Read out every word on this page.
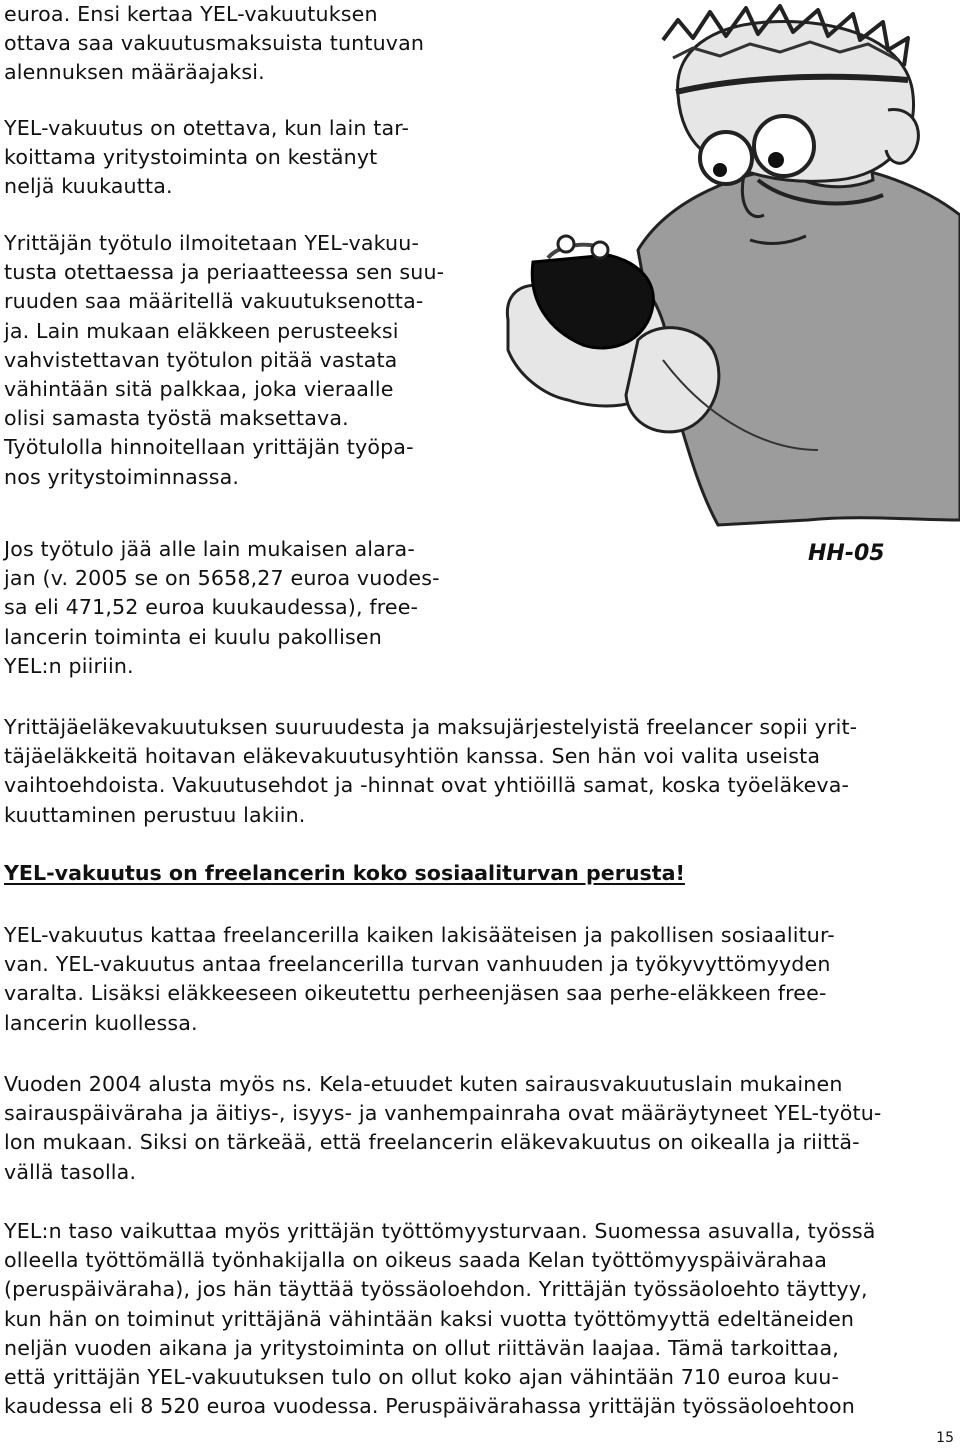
euroa. Ensi kertaa YEL-vakuutuksen
ottava saa vakuutusmaksuista tuntuvan
alennuksen määräajaksi.
YEL-vakuutus on otettava, kun lain tar-
koittama yritystoiminta on kestänyt
neljä kuukautta.
Yrittäjän työtulo ilmoitetaan YEL-vakuu-
tusta otettaessa ja periaatteessa sen suu-
ruuden saa määritellä vakuutuksenotta-
ja. Lain mukaan eläkkeen perusteeksi
vahvistettavan työtulon pitää vastata
vähintään sitä palkkaa, joka vieraalle
olisi samasta työstä maksettava.
Työtulolla hinnoitellaan yrittäjän työpa-
nos yritystoiminnassa.
Jos työtulo jää alle lain mukaisen alara-
jan (v. 2005 se on 5658,27 euroa vuodes-
sa eli 471,52 euroa kuukaudessa), free-
lancerin toiminta ei kuulu pakollisen
YEL:n piiriin.
HH-05
Yrittäjäeläkevakuutuksen suuruudesta ja maksujärjestelyistä freelancer sopii yrit-
täjäeläkkeitä hoitavan eläkevakuutusyhtiön kanssa. Sen hän voi valita useista
vaihtoehdoista. Vakuutusehdot ja -hinnat ovat yhtiöillä samat, koska työeläkeva-
kuuttaminen perustuu lakiin.
YEL-vakuutus on freelancerin koko sosiaaliturvan perusta!
YEL-vakuutus kattaa freelancerilla kaiken lakisääteisen ja pakollisen sosiaalitur-
van. YEL-vakuutus antaa freelancerilla turvan vanhuuden ja työkyvyttömyyden
varalta. Lisäksi eläkkeeseen oikeutettu perheenjäsen saa perhe-eläkkeen free-
lancerin kuollessa.
Vuoden 2004 alusta myös ns. Kela-etuudet kuten sairausvakuutuslain mukainen
sairauspäiväraha ja äitiys-, isyys- ja vanhempainraha ovat määräytyneet YEL-työtu-
lon mukaan. Siksi on tärkeää, että freelancerin eläkevakuutus on oikealla ja riittä-
vällä tasolla.
YEL:n taso vaikuttaa myös yrittäjän työttömyysturvaan. Suomessa asuvalla, työssä
olleella työttömällä työnhakijalla on oikeus saada Kelan työttömyyspäivärahaa
(peruspäiväraha), jos hän täyttää työssäoloehdon. Yrittäjän työssäoloehto täyttyy,
kun hän on toiminut yrittäjänä vähintään kaksi vuotta työttömyyttä edeltäneiden
neljän vuoden aikana ja yritystoiminta on ollut riittävän laajaa. Tämä tarkoittaa,
että yrittäjän YEL-vakuutuksen tulo on ollut koko ajan vähintään 710 euroa kuu-
kaudessa eli 8 520 euroa vuodessa. Peruspäivärahassa yrittäjän työssäoloehtoon
15
